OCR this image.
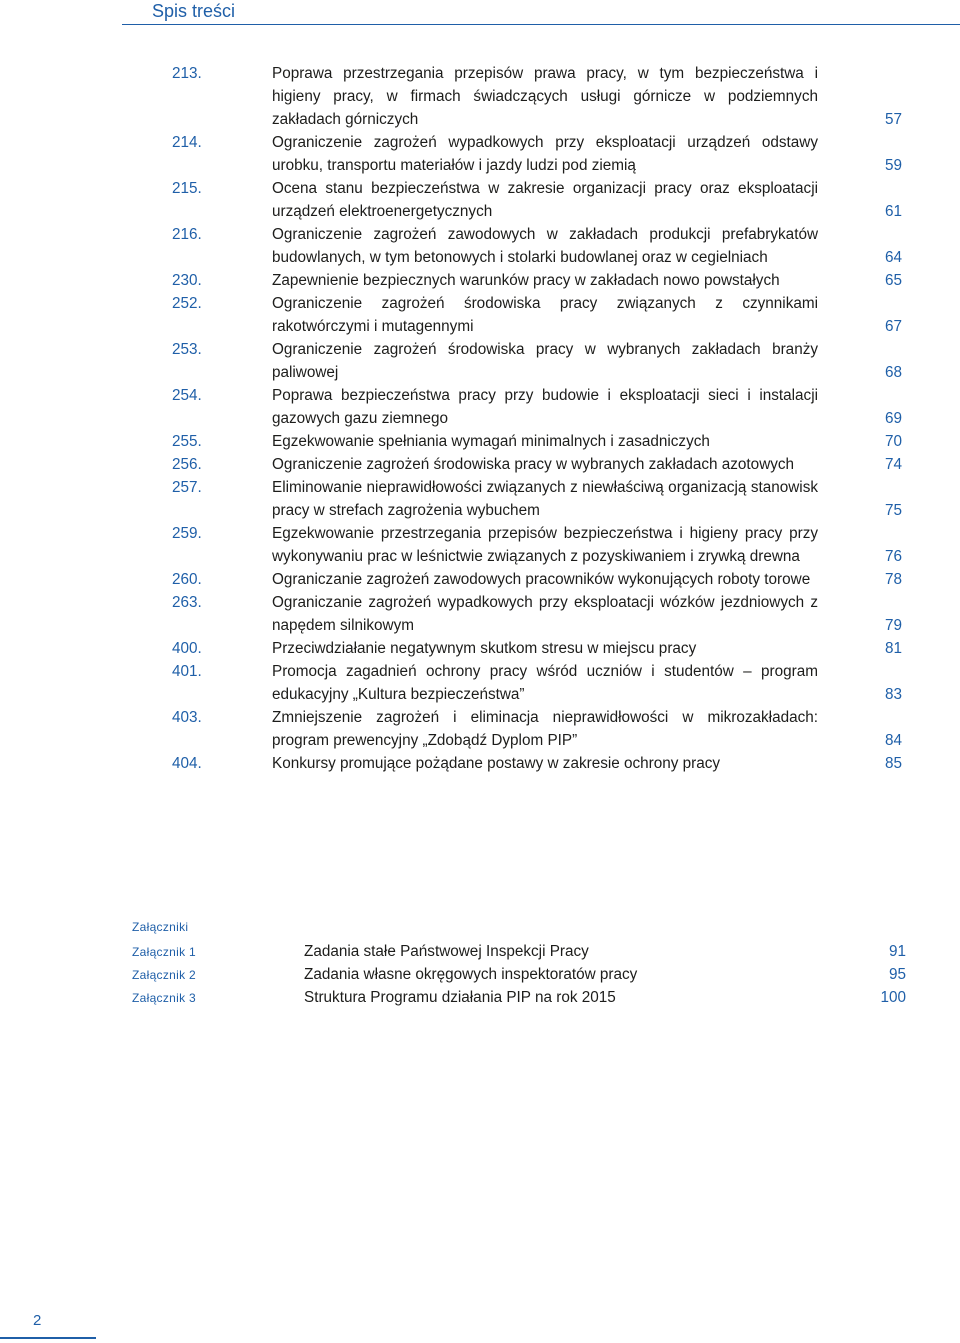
Spis treści
213.	Poprawa przestrzegania przepisów prawa pracy, w tym bezpieczeństwa i higieny pracy, w firmach świadczących usługi górnicze w podziemnych zakładach górniczych	57
214.	Ograniczenie zagrożeń wypadkowych przy eksploatacji urządzeń odstawy urobku, transportu materiałów i jazdy ludzi pod ziemią	59
215.	Ocena stanu bezpieczeństwa w zakresie organizacji pracy oraz eksploatacji urządzeń elektroenergetycznych	61
216.	Ograniczenie zagrożeń zawodowych w zakładach produkcji prefabrykatów budowlanych, w tym betonowych i stolarki budowlanej oraz w cegielniach	64
230.	Zapewnienie bezpiecznych warunków pracy w zakładach nowo powstałych	65
252.	Ograniczenie zagrożeń środowiska pracy związanych z czynnikami rakotwórczymi i mutagennymi	67
253.	Ograniczenie zagrożeń środowiska pracy w wybranych zakładach branży paliwowej	68
254.	Poprawa bezpieczeństwa pracy przy budowie i eksploatacji sieci i instalacji gazowych gazu ziemnego	69
255.	Egzekwowanie spełniania wymagań minimalnych i zasadniczych	70
256.	Ograniczenie zagrożeń środowiska pracy w wybranych zakładach azotowych	74
257.	Eliminowanie nieprawidłowości związanych z niewłaściwą organizacją stanowisk pracy w strefach zagrożenia wybuchem	75
259.	Egzekwowanie przestrzegania przepisów bezpieczeństwa i higieny pracy przy wykonywaniu prac w leśnictwie związanych z pozyskiwaniem i zrywką drewna	76
260.	Ograniczanie zagrożeń zawodowych pracowników wykonujących roboty torowe	78
263.	Ograniczanie zagrożeń wypadkowych przy eksploatacji wózków jezdniowych z napędem silnikowym	79
400.	Przeciwdziałanie negatywnym skutkom stresu w miejscu pracy	81
401.	Promocja zagadnień ochrony pracy wśród uczniów i studentów – program edukacyjny „Kultura bezpieczeństwa”	83
403.	Zmniejszenie zagrożeń i eliminacja nieprawidłowości w mikrozakładach: program prewencyjny „Zdobądź Dyplom PIP”	84
404.	Konkursy promujące pożądane postawy w zakresie ochrony pracy	85
Załączniki
Załącznik 1	Zadania stałe Państwowej Inspekcji Pracy	91
Załącznik 2	Zadania własne okręgowych inspektoratów pracy	95
Załącznik 3	Struktura Programu działania PIP na rok 2015	100
2
